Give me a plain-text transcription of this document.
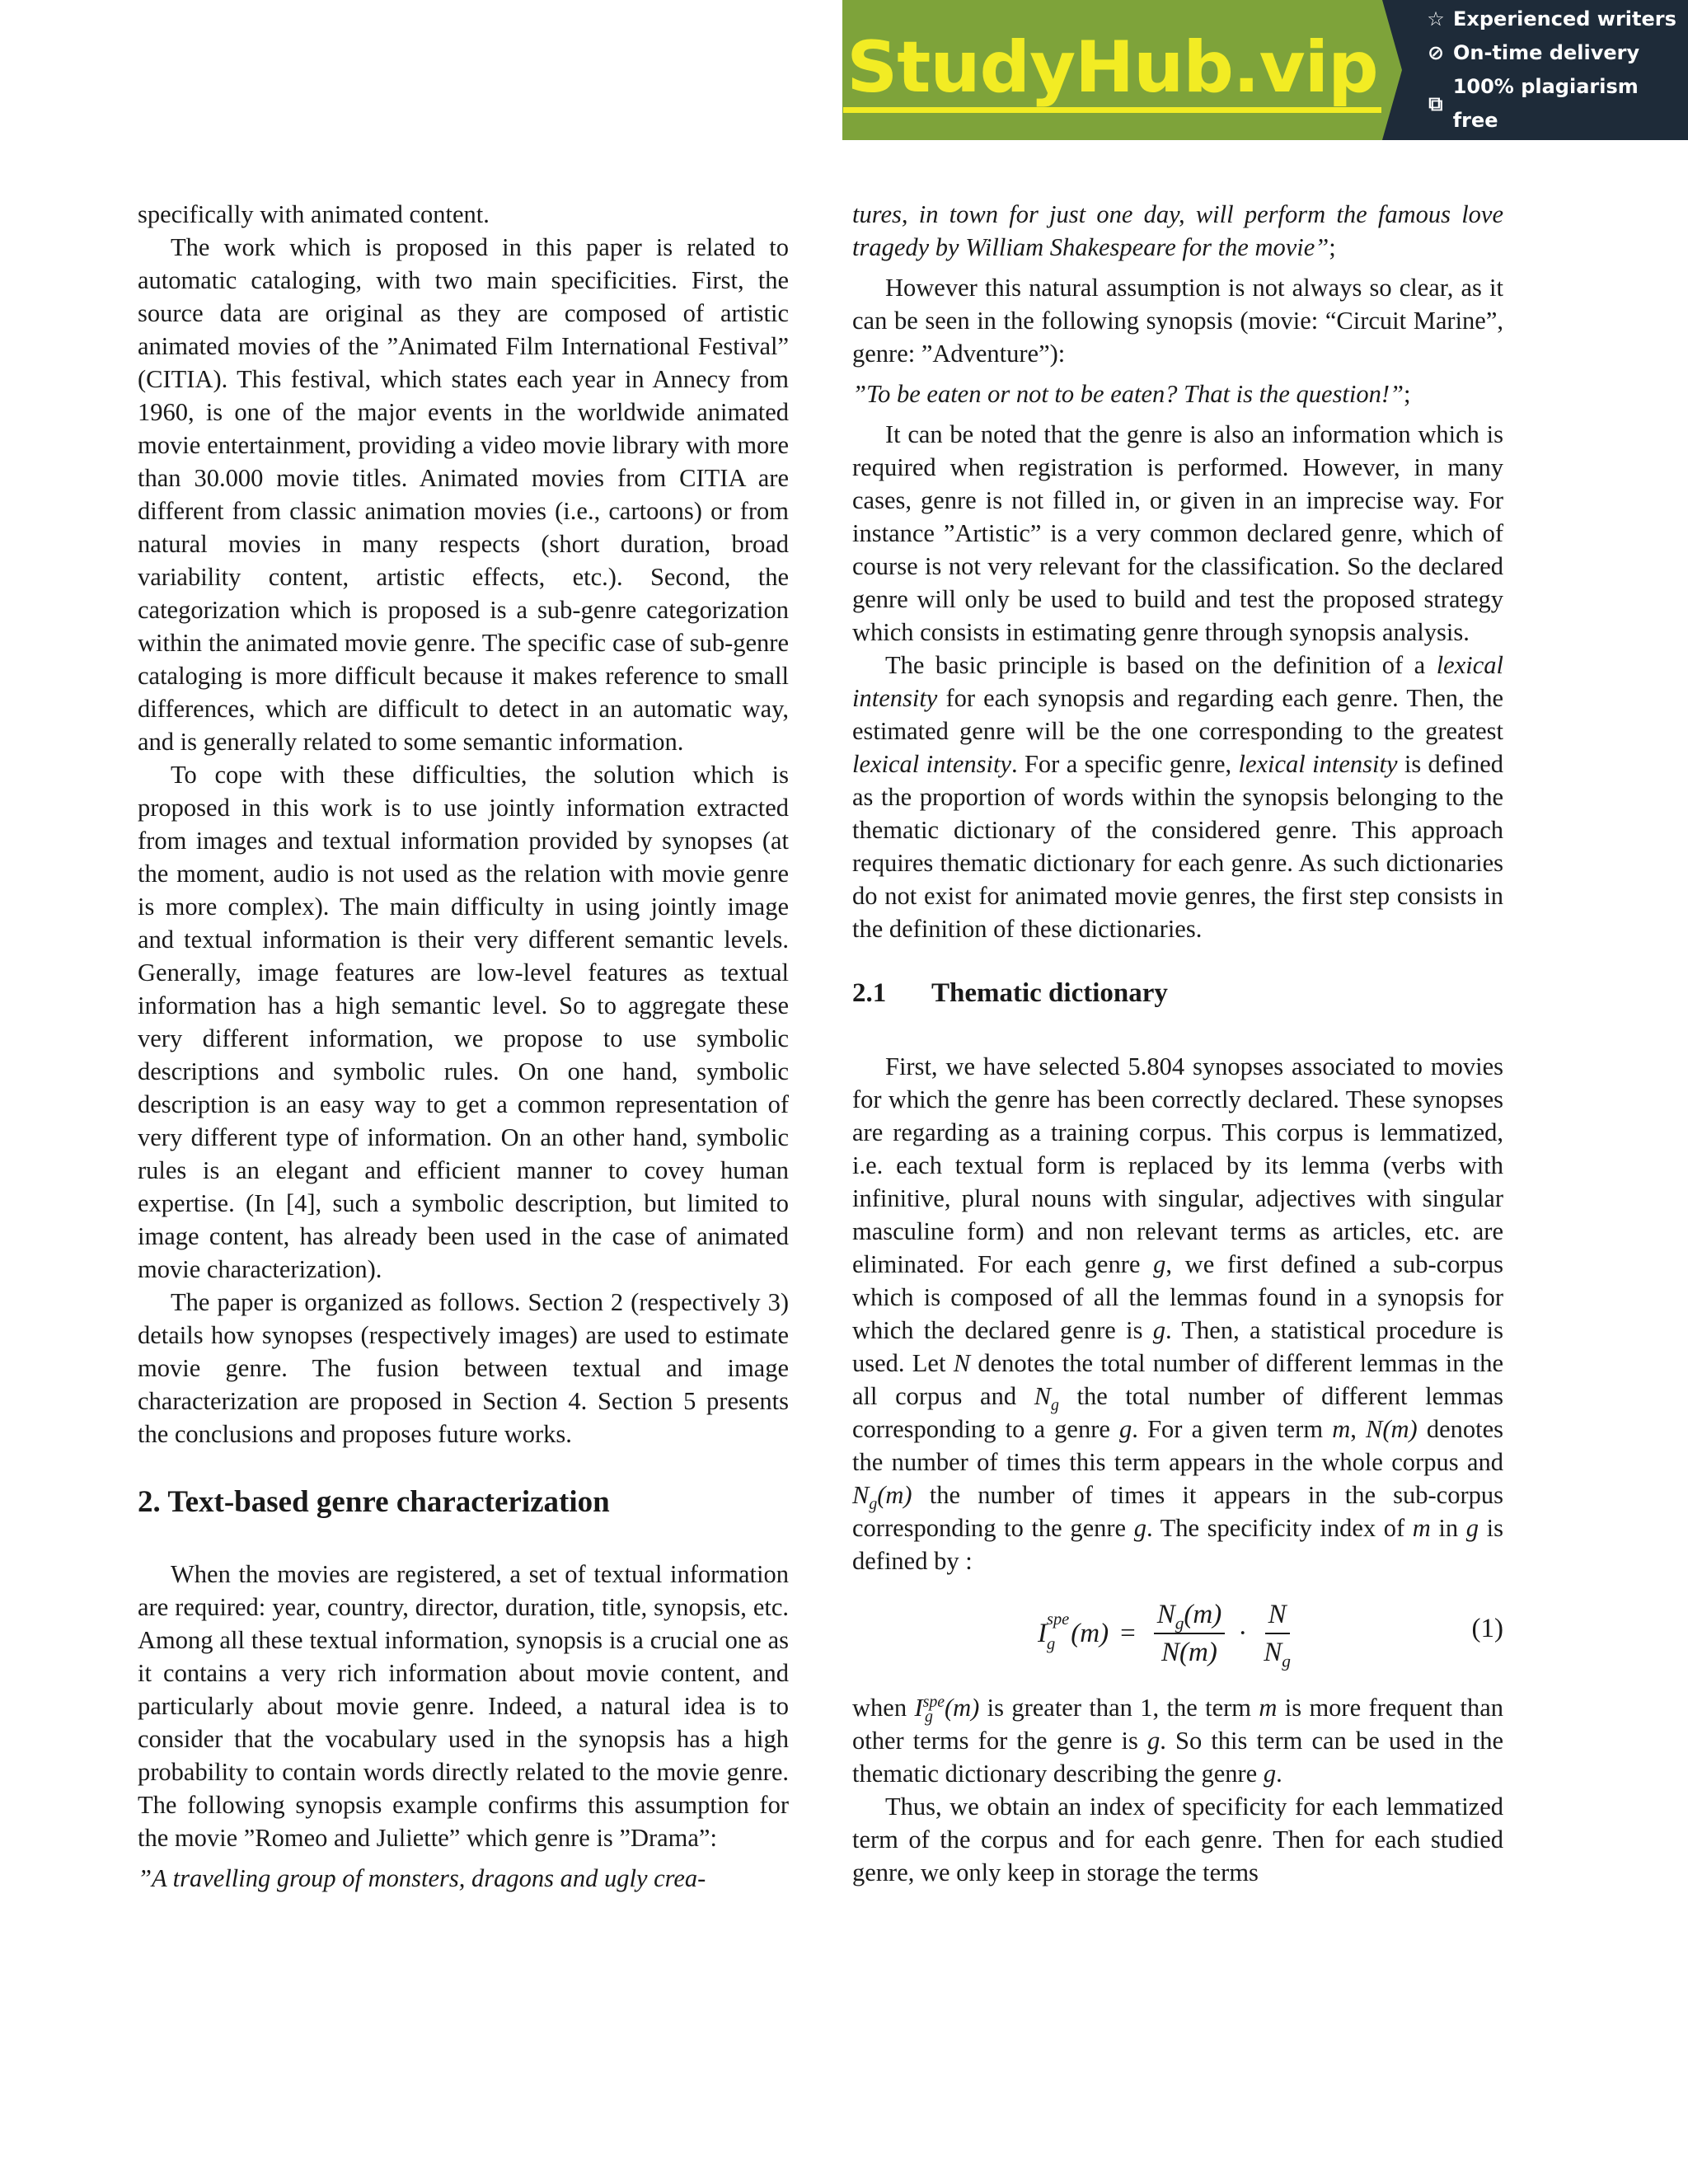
StudyHub.vip
☆ Experienced writers
⊘ On-time delivery
⧉
100% plagiarism free

specifically with animated content.

The work which is proposed in this paper is related to automatic cataloging, with two main specificities. First, the source data are original as they are composed of artistic animated movies of the ”Animated Film International Festival” (CITIA). This festival, which states each year in Annecy from 1960, is one of the major events in the worldwide animated movie entertainment, providing a video movie library with more than 30.000 movie titles. Animated movies from CITIA are different from classic animation movies (i.e., cartoons) or from natural movies in many respects (short duration, broad variability content, artistic effects, etc.). Second, the categorization which is proposed is a sub-genre categorization within the animated movie genre. The specific case of sub-genre cataloging is more difficult because it makes reference to small differences, which are difficult to detect in an automatic way, and is generally related to some semantic information.

To cope with these difficulties, the solution which is proposed in this work is to use jointly information extracted from images and textual information provided by synopses (at the moment, audio is not used as the relation with movie genre is more complex). The main difficulty in using jointly image and textual information is their very different semantic levels. Generally, image features are low-level features as textual information has a high semantic level. So to aggregate these very different information, we propose to use symbolic descriptions and symbolic rules. On one hand, symbolic description is an easy way to get a common representation of very different type of information. On an other hand, symbolic rules is an elegant and efficient manner to covey human expertise. (In [4], such a symbolic description, but limited to image content, has already been used in the case of animated movie characterization).

The paper is organized as follows. Section 2 (respectively 3) details how synopses (respectively images) are used to estimate movie genre. The fusion between textual and image characterization are proposed in Section 4. Section 5 presents the conclusions and proposes future works.

2. Text-based genre characterization

When the movies are registered, a set of textual information are required: year, country, director, duration, title, synopsis, etc. Among all these textual information, synopsis is a crucial one as it contains a very rich information about movie content, and particularly about movie genre. Indeed, a natural idea is to consider that the vocabulary used in the synopsis has a high probability to contain words directly related to the movie genre. The following synopsis example confirms this assumption for the movie ”Romeo and Juliette” which genre is ”Drama”:

”A travelling group of monsters, dragons and ugly crea-

tures, in town for just one day, will perform the famous love tragedy by William Shakespeare for the movie”;

However this natural assumption is not always so clear, as it can be seen in the following synopsis (movie: “Circuit Marine”, genre: ”Adventure”):

”To be eaten or not to be eaten? That is the question!”;

It can be noted that the genre is also an information which is required when registration is performed. However, in many cases, genre is not filled in, or given in an imprecise way. For instance ”Artistic” is a very common declared genre, which of course is not very relevant for the classification. So the declared genre will only be used to build and test the proposed strategy which consists in estimating genre through synopsis analysis.

The basic principle is based on the definition of a lexical intensity for each synopsis and regarding each genre. Then, the estimated genre will be the one corresponding to the greatest lexical intensity. For a specific genre, lexical intensity is defined as the proportion of words within the synopsis belonging to the thematic dictionary of the considered genre. This approach requires thematic dictionary for each genre. As such dictionaries do not exist for animated movie genres, the first step consists in the definition of these dictionaries.

2.1 Thematic dictionary

First, we have selected 5.804 synopses associated to movies for which the genre has been correctly declared. These synopses are regarding as a training corpus. This corpus is lemmatized, i.e. each textual form is replaced by its lemma (verbs with infinitive, plural nouns with singular, adjectives with singular masculine form) and non relevant terms as articles, etc. are eliminated. For each genre g, we first defined a sub-corpus which is composed of all the lemmas found in a synopsis for which the declared genre is g. Then, a statistical procedure is used. Let N denotes the total number of different lemmas in the all corpus and $N_g$ the total number of different lemmas corresponding to a genre g. For a given term m, N(m) denotes the number of times this term appears in the whole corpus and $N_g(m)$ the number of times it appears in the sub-corpus corresponding to the genre g. The specificity index of m in g is defined by :

I spe
g $(m) = \frac{N_g(m)}{N(m)} \cdot \frac{N}{N_g}$	(1)

when $I^{spe}_g$ (m) is greater than 1, the term m is more frequent than other terms for the genre is g. So this term can be used in the thematic dictionary describing the genre g.

Thus, we obtain an index of specificity for each lemmatized term of the corpus and for each genre. Then for each studied genre, we only keep in storage the terms
